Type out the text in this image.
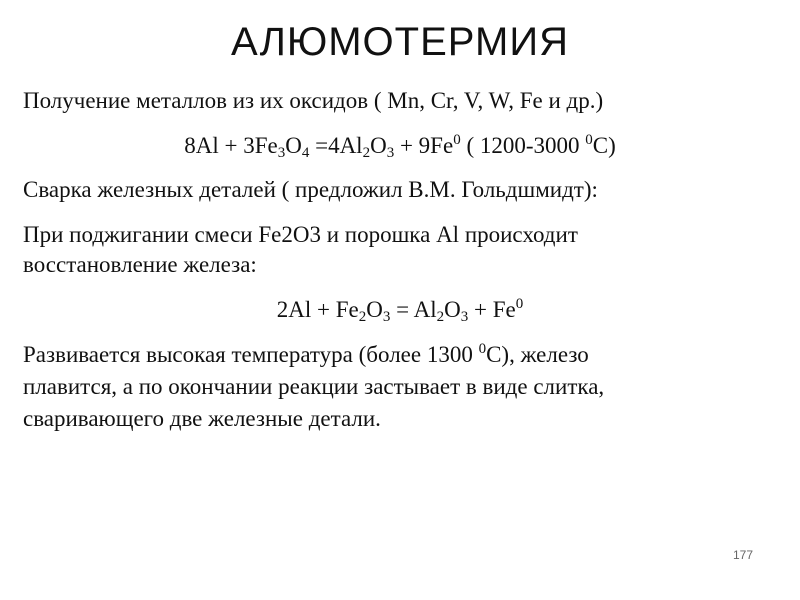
АЛЮМОТЕРМИЯ
Получение металлов из их оксидов ( Mn, Cr, V, W, Fe и др.)
$8Al + 3Fe_3O_4 =4Al_2O_3 + 9Fe^0$ ( 1200-3000 $^0$C)
Сварка железных деталей ( предложил В.М. Гольдшмидт):
При поджигании смеси Fe2O3 и порошка Al происходит
восстановление железа:
$2Al + Fe_2O_3 = Al_2O_3 + Fe^0$
Развивается высокая температура (более 1300 $^0$С), железо
плавится, а по окончании реакции застывает в виде слитка,
сваривающего две железные детали.
177
